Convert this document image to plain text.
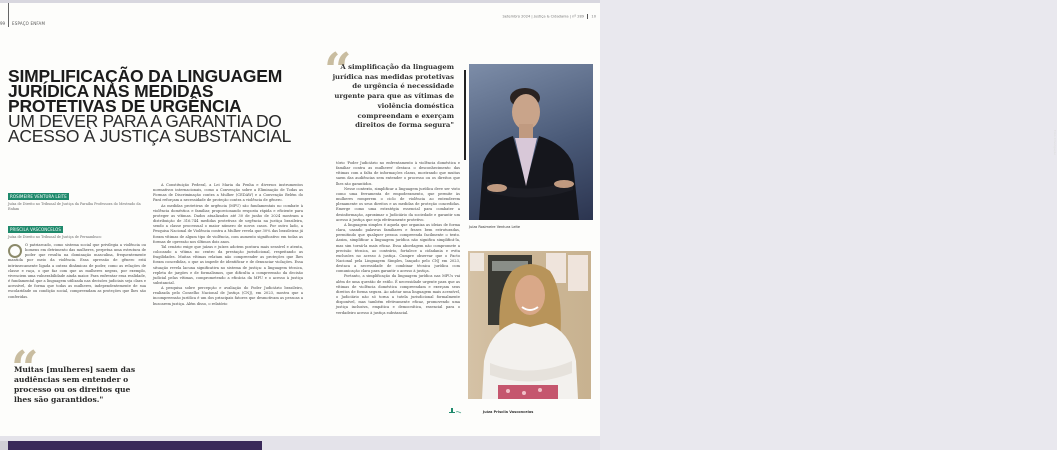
99 ESPAÇO ENFAM
Setembro 2024 | Justiça & Cidadania | nº 289 10
SIMPLIFICAÇÃO DA LINGUAGEM
JURÍDICA NAS MEDIDAS
PROTETIVAS DE URGÊNCIA
UM DEVER PARA A GARANTIA DO
ACESSO À JUSTIÇA SUBSTANCIAL
ROSIMEIRE VENTURA LEITE
Juíza de Direito no Tribunal de Justiça da Paraíba Professora do Mestrado da Enfam
PRISCILA VASCONCELOS
Juíza de Direito no Tribunal de Justiça de Pernambuco

O patriarcado, como sistema social que privilegia a violência ou homens em detrimento das mulheres, perpetua uma estrutura de poder que resulta na dominação masculina, frequentemente mantida por meio da violência. Essa opressão de gênero está intrinsecamente ligada a outras dinâmicas de poder, como as relações de classe e raça, o que faz com que as mulheres negras, por exemplo, vivenciem uma vulnerabilidade ainda maior. Para enfrentar essa realidade, é fundamental que a linguagem utilizada nas decisões judiciais seja clara e acessível, de forma que todas as mulheres, independentemente de sua escolaridade ou condição social, compreendam as proteções que lhes são conferidas.

“
Muitas [mulheres] saem das audiências sem entender o processo ou os direitos que lhes são garantidos."

A Constituição Federal, a Lei Maria da Penha e diversos instrumentos normativos internacionais, como a Convenção sobre a Eliminação de Todas as Formas de Discriminação contra a Mulher (CEDAW) e a Convenção Belém do Pará reforçam a necessidade de proteção contra a violência de gênero.

As medidas protetivas de urgência (MPU) são fundamentais no combate à violência doméstica e familiar, proporcionando resposta rápida e eficiente para proteger as vítimas. Dados atualizados até 30 de junho de 2024 mostram a distribuição de 316.744 medidas protetivas de urgência na justiça brasileira, sendo a classe processual o maior número de novos casos. Por outro lado, a Pesquisa Nacional de Violência contra a Mulher revela que 30% das brasileiras já foram vítimas de algum tipo de violência, com aumento significativo em todas as formas de opressão nos últimos dois anos.

Tal cenário exige que juízas e juízes adotem postura mais sensível e atenta, colocando a vítima no centro da prestação jurisdicional, respeitando as fragilidades. Muitas vítimas relatam não compreender as proteções que lhes foram concedidas, o que as impede de identificar e de denunciar violações. Essa situação revela lacuna significativa no sistema de justiça: a linguagem técnica, repleta de jargões e de formalismos, que dificulta a compreensão da decisão judicial pelas vítimas, comprometendo a eficácia da MPU e o acesso à justiça substancial.

A pesquisa sobre percepção e avaliação do Poder Judiciário brasileiro, realizada pelo Conselho Nacional de Justiça (CNJ), em 2023, mostra que a incompreensão jurídica é um dos principais fatores que desmotivam as pessoas a buscarem justiça. Além disso, o relatório

“
A simplificação da linguagem jurídica nas medidas protetivas de urgência é necessidade urgente para que as vítimas de violência doméstica compreendam e exerçam direitos de forma segura"

tório 'Poder Judiciário no enfrentamento à violência doméstica e familiar contra as mulheres' destaca o desconhecimento das vítimas com a falta de informações claras, mostrando que muitas saem das audiências sem entender o processo ou os direitos que lhes são garantidos.

Nesse contexto, simplificar a linguagem jurídica deve ser visto como uma ferramenta de empoderamento, que permite às mulheres romperem o ciclo de violência ao entenderem plenamente os seus direitos e as medidas de proteção concedidas. Emerge como uma estratégia essencial para combater a desinformação, aproximar o Judiciário da sociedade e garantir um acesso à justiça que seja efetivamente protetivo.

A linguagem simples é aquela que organiza as ideias de forma clara, usando palavras familiares e frases bem estruturadas, permitindo que qualquer pessoa compreenda facilmente o texto. Assim, simplificar a linguagem jurídica não significa simplificá-la, mas sim torná-la mais eficaz. Essa abordagem não compromete a precisão técnica, ao contrário, fortalece a cidadania e evita exclusões no acesso à justiça. Cumpre observar que o Pacto Nacional pela Linguagem Simples, lançado pelo CNJ em 2023, destaca a necessidade de combinar técnica jurídica com comunicação clara para garantir o acesso à justiça.

Portanto, a simplificação da linguagem jurídica nas MPUs vai além de uma questão de estilo. É necessidade urgente para que as vítimas de violência doméstica compreendam e exerçam seus direitos de forma segura. Ao adotar uma linguagem mais acessível, o Judiciário não só torna a tutela jurisdicional formalmente disponível, mas também efetivamente eficaz, promovendo uma justiça inclusiva, empática e democrática, essencial para o verdadeiro acesso à justiça substancial.

Foto: Divulgação
Juíza Rosimeire Ventura Leite
Juíza Priscila Vasconcelos
